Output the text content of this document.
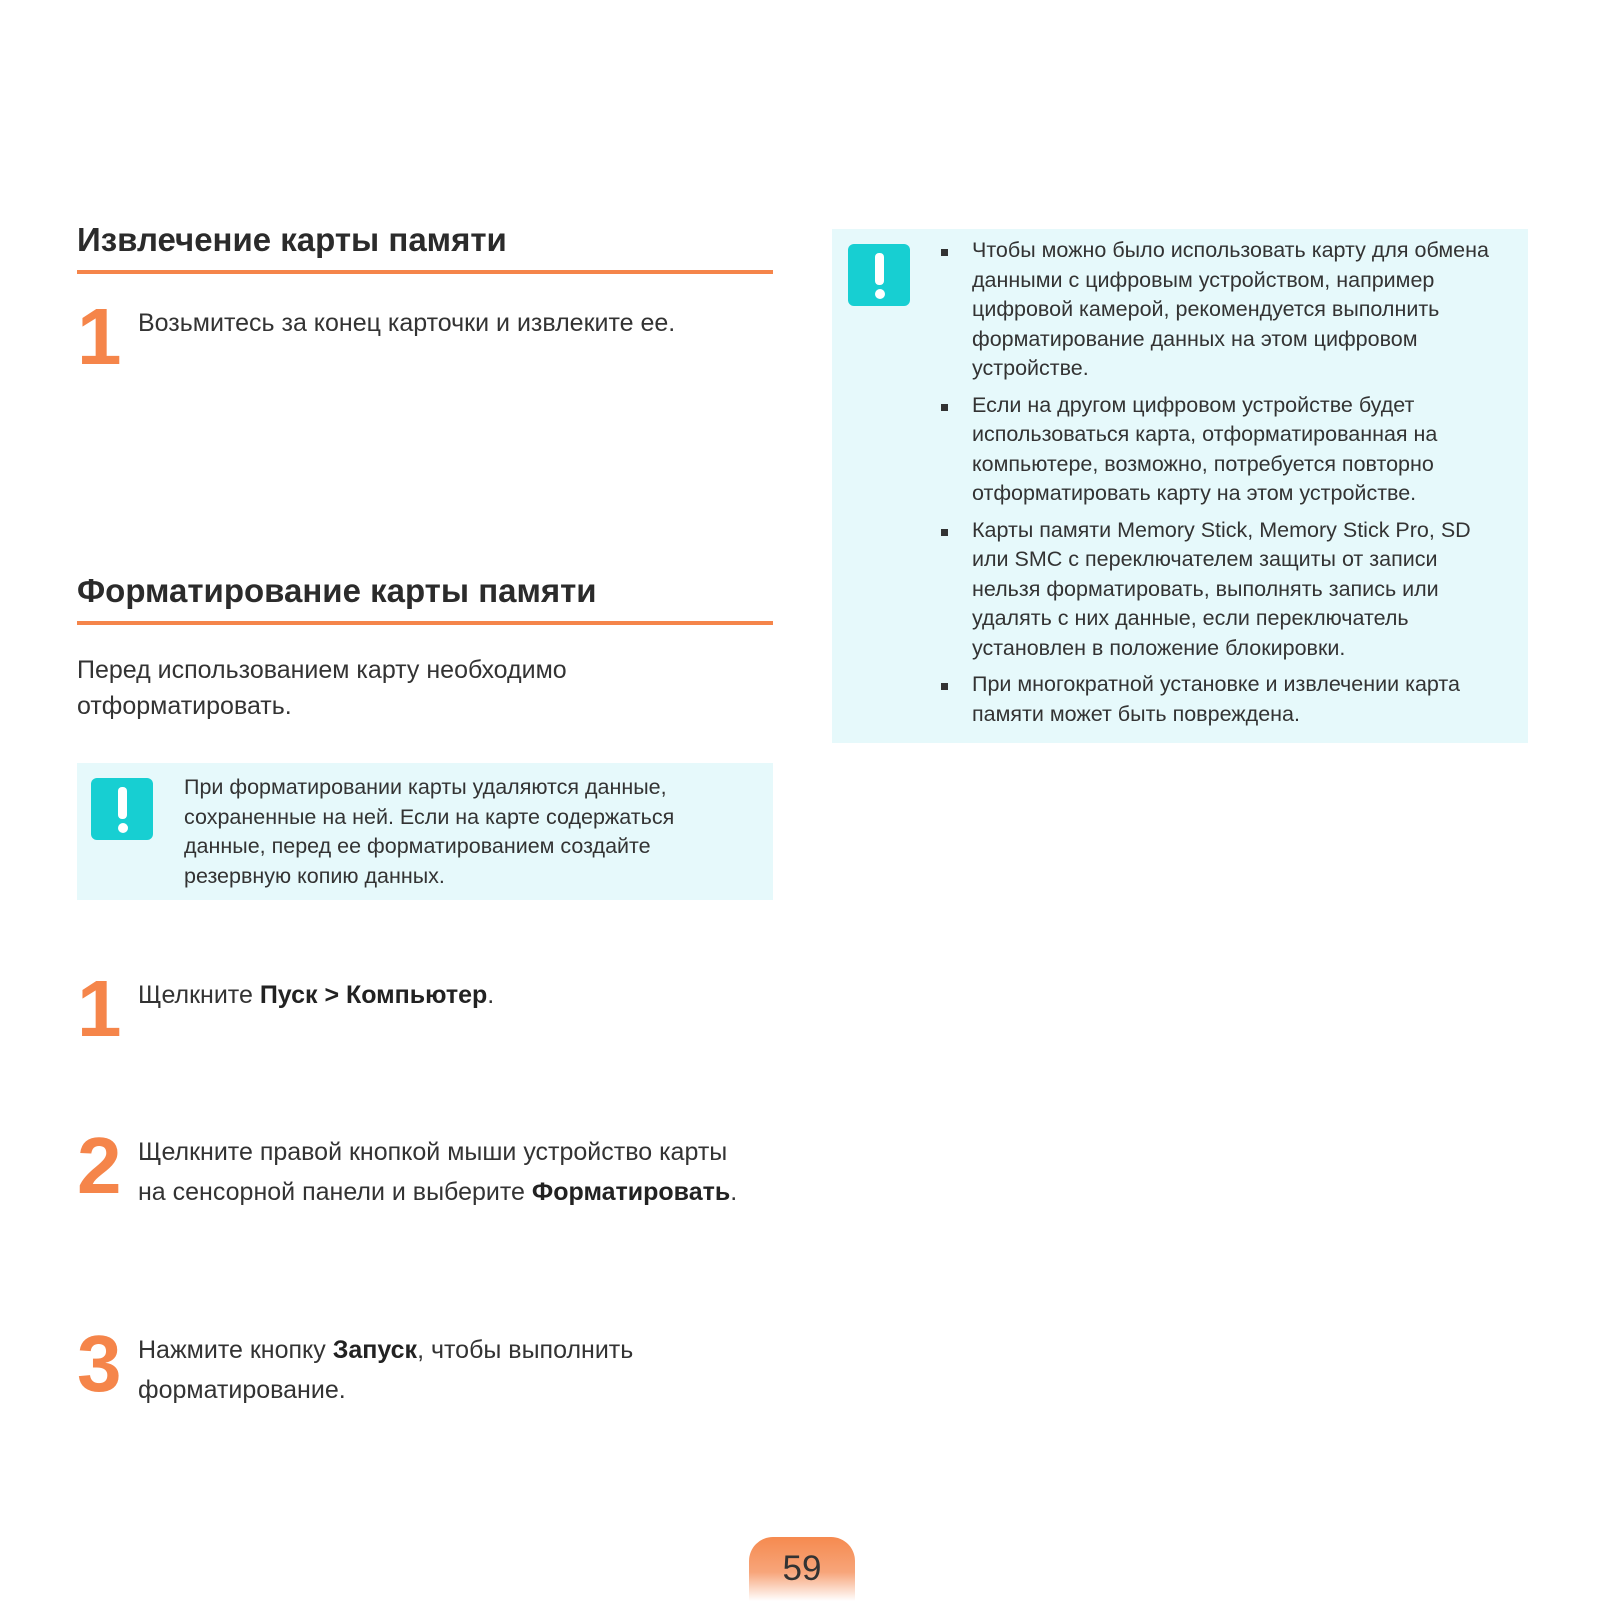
Извлечение карты памяти
1 Возьмитесь за конец карточки и извлеките ее.
Форматирование карты памяти
Перед использованием карту необходимо отформатировать.
При форматировании карты удаляются данные, сохраненные на ней. Если на карте содержаться данные, перед ее форматированием создайте резервную копию данных.
1 Щелкните Пуск > Компьютер.
2 Щелкните правой кнопкой мыши устройство карты на сенсорной панели и выберите Форматировать.
3 Нажмите кнопку Запуск, чтобы выполнить форматирование.
Чтобы можно было использовать карту для обмена данными с цифровым устройством, например цифровой камерой, рекомендуется выполнить форматирование данных на этом цифровом устройстве.
Если на другом цифровом устройстве будет использоваться карта, отформатированная на компьютере, возможно, потребуется повторно отформатировать карту на этом устройстве.
Карты памяти Memory Stick, Memory Stick Pro, SD или SMC с переключателем защиты от записи нельзя форматировать, выполнять запись или удалять с них данные, если переключатель установлен в положение блокировки.
При многократной установке и извлечении карта памяти может быть повреждена.
59
